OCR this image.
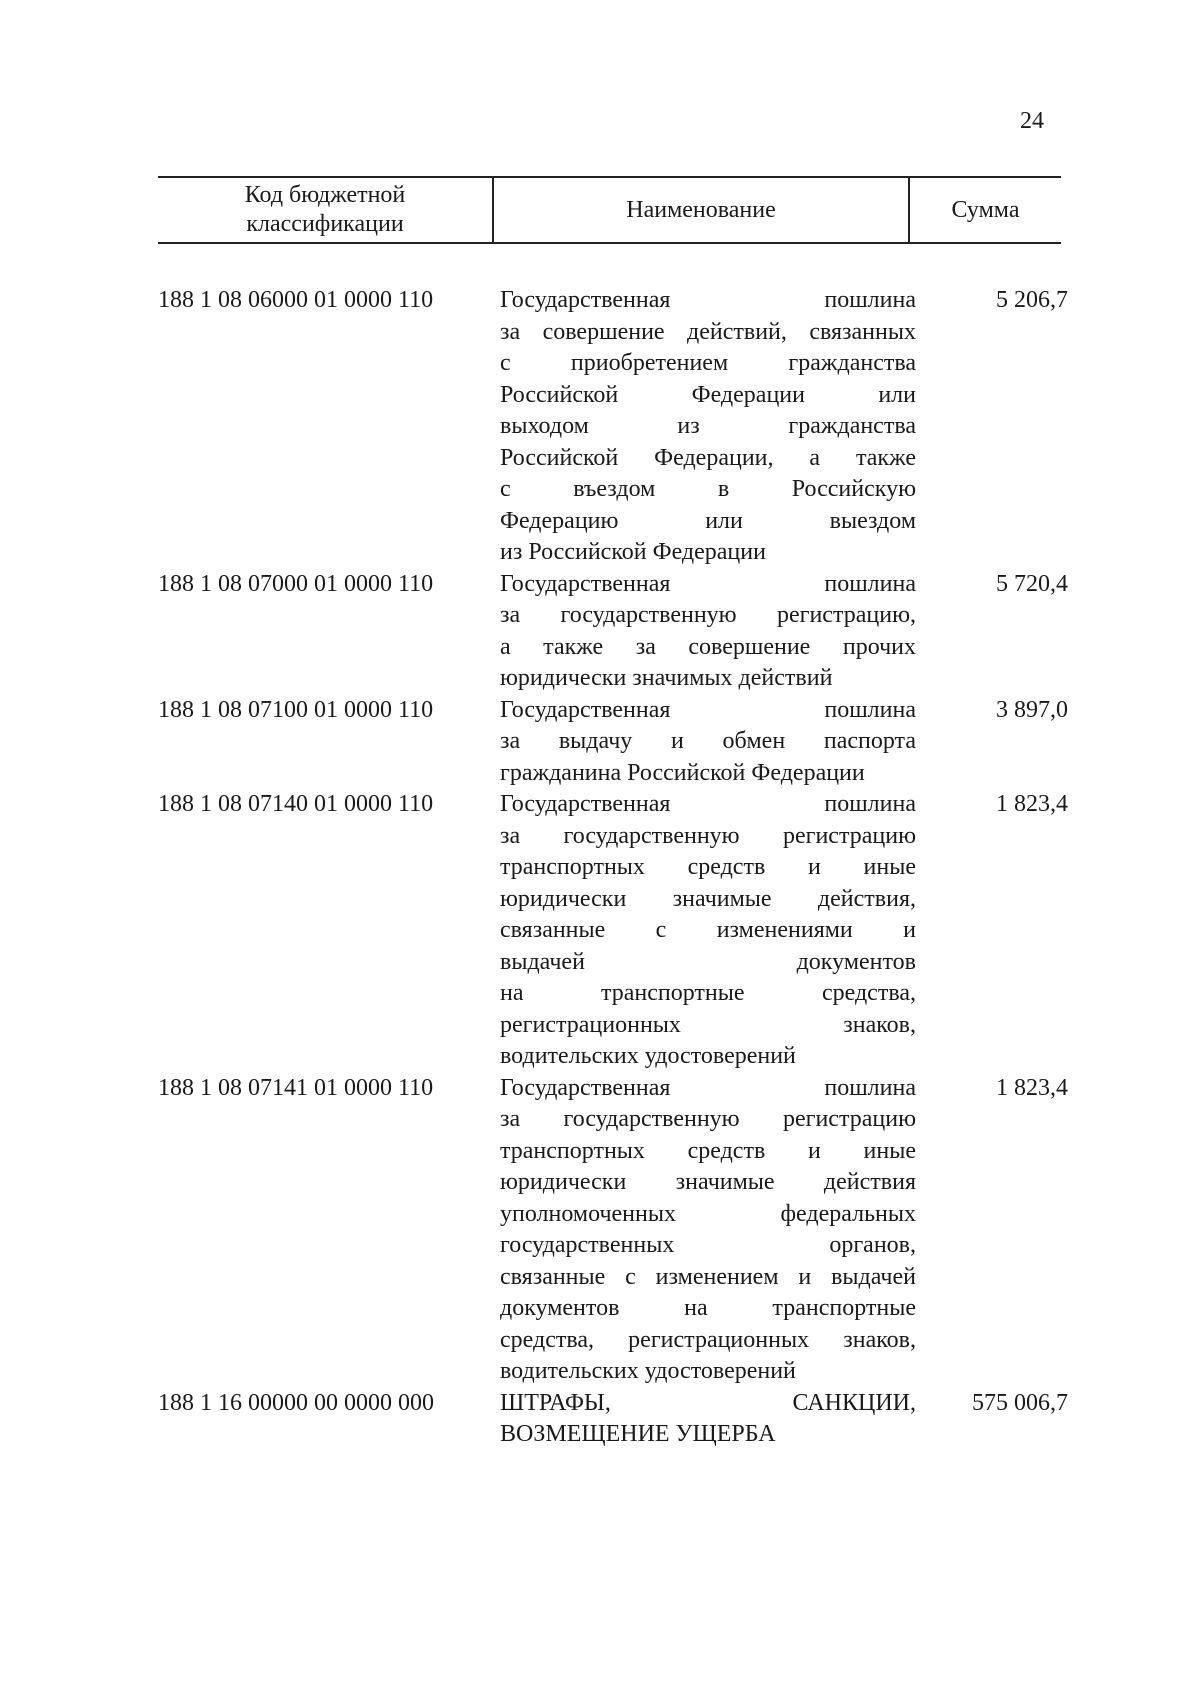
24
Код бюджетной
классификации
Наименование	Сумма
188 1 08 06000 01 0000 110	Государственная пошлина
за совершение действий, связанных
с приобретением гражданства
Российской Федерации или
выходом из гражданства
Российской Федерации, а также
с въездом в Российскую
Федерацию или выездом
из Российской Федерации
5 206,7
188 1 08 07000 01 0000 110	Государственная пошлина
за государственную регистрацию,
а также за совершение прочих
юридически значимых действий
5 720,4
188 1 08 07100 01 0000 110	Государственная пошлина
за выдачу и обмен паспорта
гражданина Российской Федерации
3 897,0
188 1 08 07140 01 0000 110	Государственная пошлина
за государственную регистрацию
транспортных средств и иные
юридически значимые действия,
связанные с изменениями и
выдачей документов
на транспортные средства,
регистрационных знаков,
водительских удостоверений
1 823,4
188 1 08 07141 01 0000 110	Государственная пошлина
за государственную регистрацию
транспортных средств и иные
юридически значимые действия
уполномоченных федеральных
государственных органов,
связанные с изменением и выдачей
документов на транспортные
средства, регистрационных знаков,
водительских удостоверений
1 823,4
188 1 16 00000 00 0000 000	ШТРАФЫ, САНКЦИИ,
ВОЗМЕЩЕНИЕ УЩЕРБА
575 006,7
